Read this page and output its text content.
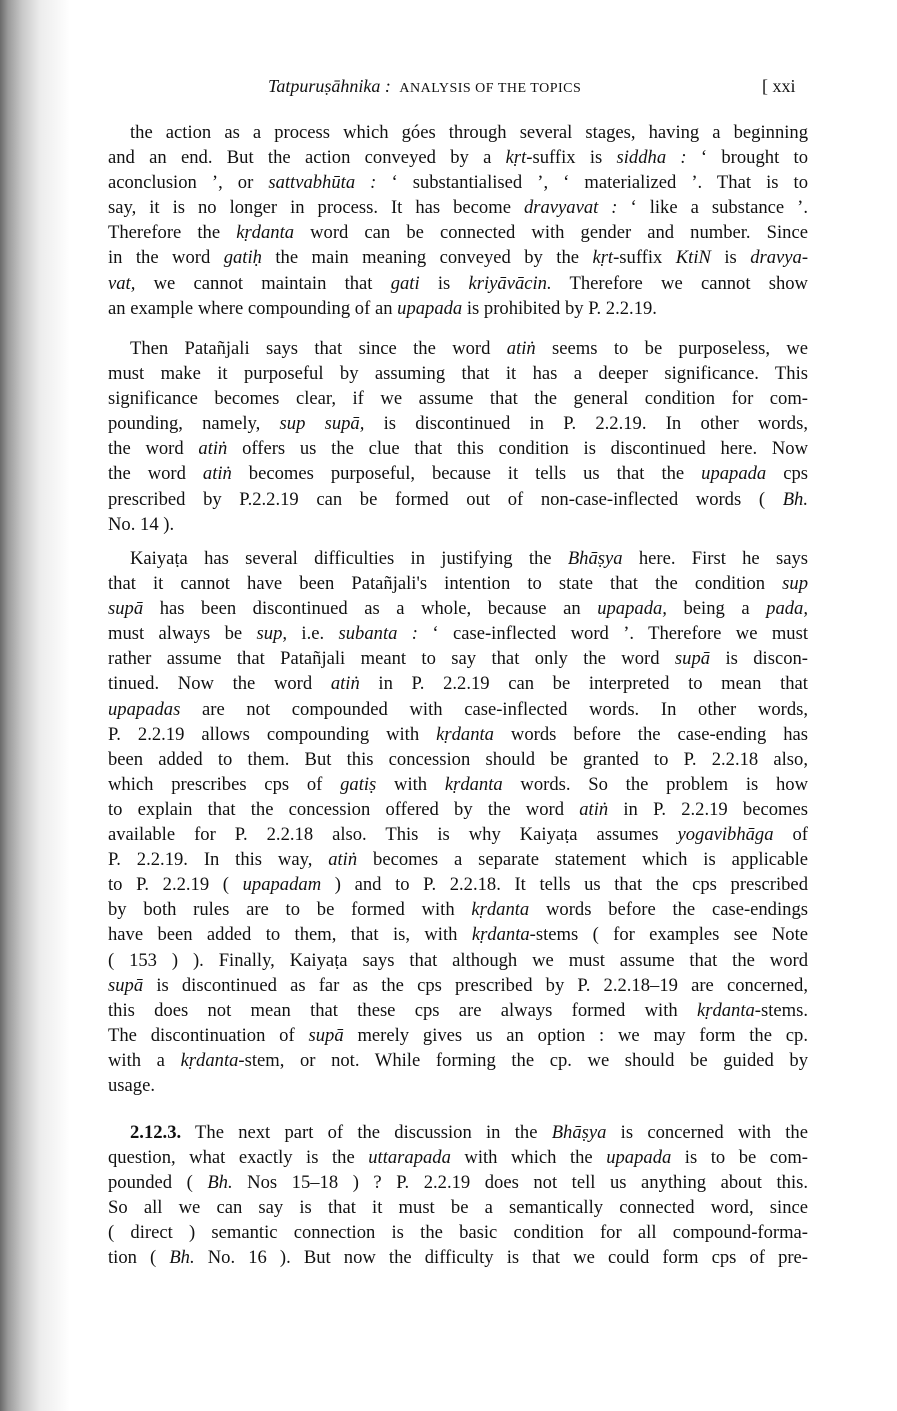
Tatpuruṣāhnika : ANALYSIS OF THE TOPICS	[ xxi
the action as a process which góes through several stages, having a beginning
and an end. But the action conveyed by a kṛt-suffix is siddha : ‘ brought to
aconclusion ’, or sattvabhūta : ‘ substantialised ’, ‘ materialized ’. That is to
say, it is no longer in process. It has become dravyavat : ‘ like a substance ’.
Therefore the kṛdanta word can be connected with gender and number. Since
in the word gatiḥ the main meaning conveyed by the kṛt-suffix KtiN is dravya-
vat, we cannot maintain that gati is kriyāvācin. Therefore we cannot show
an example where compounding of an upapada is prohibited by P. 2.2.19.
Then Patañjali says that since the word atiṅ seems to be purposeless, we
must make it purposeful by assuming that it has a deeper significance. This
significance becomes clear, if we assume that the general condition for com-
pounding, namely, sup supā, is discontinued in P. 2.2.19. In other words,
the word atiṅ offers us the clue that this condition is discontinued here. Now
the word atiṅ becomes purposeful, because it tells us that the upapada cps
prescribed by P.2.2.19 can be formed out of non-case-inflected words ( Bh.
No. 14 ).
Kaiyaṭa has several difficulties in justifying the Bhāṣya here. First he says
that it cannot have been Patañjali's intention to state that the condition sup
supā has been discontinued as a whole, because an upapada, being a pada,
must always be sup, i.e. subanta : ‘ case-inflected word ’. Therefore we must
rather assume that Patañjali meant to say that only the word supā is discon-
tinued. Now the word atiṅ in P. 2.2.19 can be interpreted to mean that
upapadas are not compounded with case-inflected words. In other words,
P. 2.2.19 allows compounding with kṛdanta words before the case-ending has
been added to them. But this concession should be granted to P. 2.2.18 also,
which prescribes cps of gatiṣ with kṛdanta words. So the problem is how
to explain that the concession offered by the word atiṅ in P. 2.2.19 becomes
available for P. 2.2.18 also. This is why Kaiyaṭa assumes yogavibhāga of
P. 2.2.19. In this way, atiṅ becomes a separate statement which is applicable
to P. 2.2.19 ( upapadam ) and to P. 2.2.18. It tells us that the cps prescribed
by both rules are to be formed with kṛdanta words before the case-endings
have been added to them, that is, with kṛdanta-stems ( for examples see Note
( 153 ) ). Finally, Kaiyaṭa says that although we must assume that the word
supā is discontinued as far as the cps prescribed by P. 2.2.18–19 are concerned,
this does not mean that these cps are always formed with kṛdanta-stems.
The discontinuation of supā merely gives us an option : we may form the cp.
with a kṛdanta-stem, or not. While forming the cp. we should be guided by
usage.
2.12.3. The next part of the discussion in the Bhāṣya is concerned with the
question, what exactly is the uttarapada with which the upapada is to be com-
pounded ( Bh. Nos 15–18 ) ? P. 2.2.19 does not tell us anything about this.
So all we can say is that it must be a semantically connected word, since
( direct ) semantic connection is the basic condition for all compound-forma-
tion ( Bh. No. 16 ). But now the difficulty is that we could form cps of pre-
